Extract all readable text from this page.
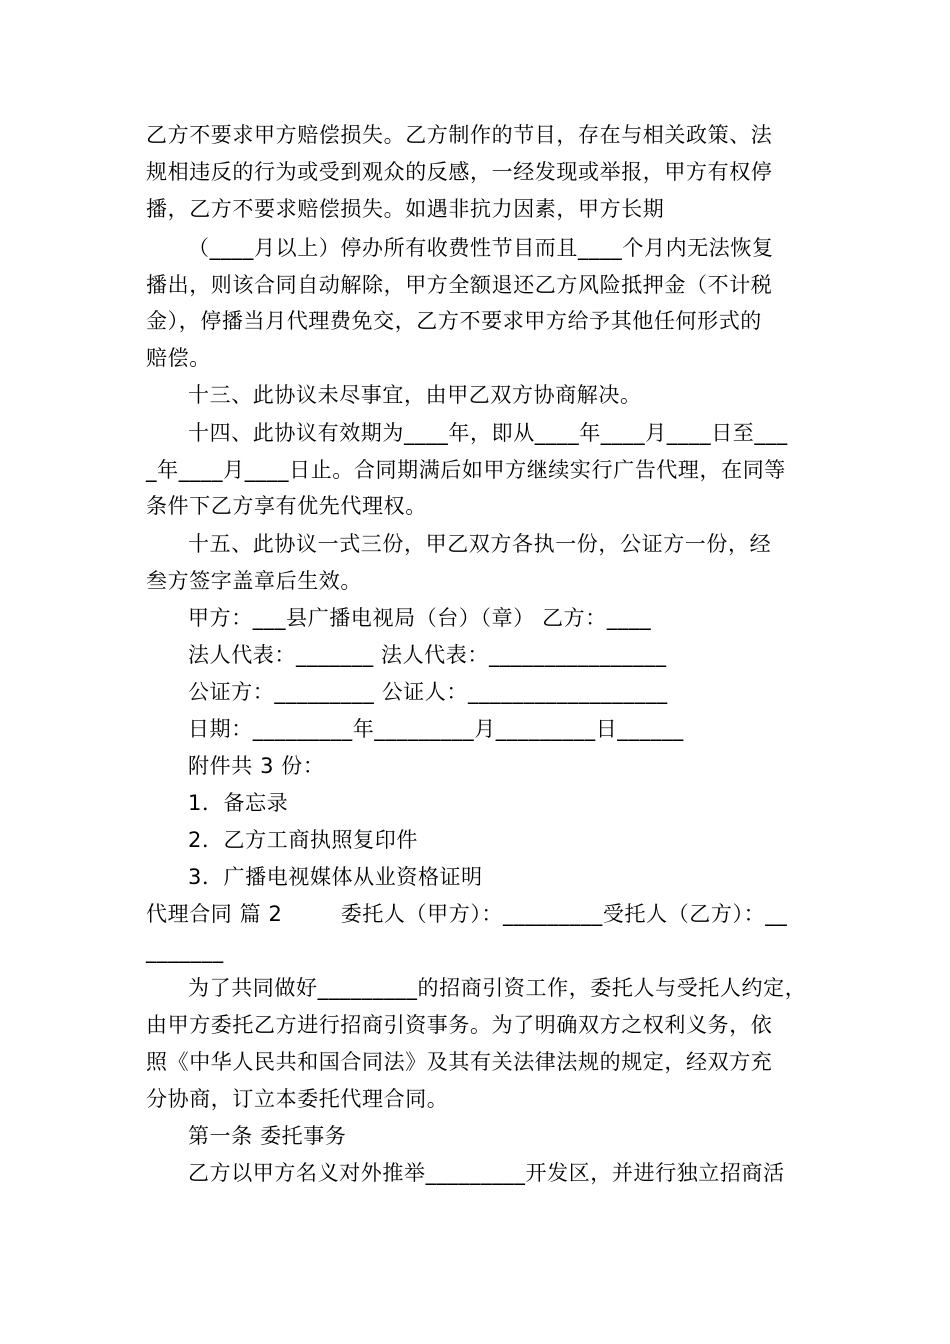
乙方不要求甲方赔偿损失。乙方制作的节目，存在与相关政策、法
规相违反的行为或受到观众的反感，一经发现或举报，甲方有权停
播，乙方不要求赔偿损失。如遇非抗力因素，甲方长期
（____月以上）停办所有收费性节目而且____个月内无法恢复
播出，则该合同自动解除，甲方全额退还乙方风险抵押金（不计税
金），停播当月代理费免交，乙方不要求甲方给予其他任何形式的
赔偿。
十三、此协议未尽事宜，由甲乙双方协商解决。
十四、此协议有效期为____年，即从____年____月____日至___
_年____月____日止。合同期满后如甲方继续实行广告代理，在同等
条件下乙方享有优先代理权。
十五、此协议一式三份，甲乙双方各执一份，公证方一份，经
叁方签字盖章后生效。
甲方：___县广播电视局（台）（章） 乙方：____
法人代表：_______ 法人代表：________________
公证方：_________ 公证人：__________________
日期：_________年_________月_________日______
附件共 3 份：
1．备忘录
2．乙方工商执照复印件
3．广播电视媒体从业资格证明
代理合同 篇 2        委托人（甲方）：_________受托人（乙方）：__
_______
为了共同做好_________的招商引资工作，委托人与受托人约定，
由甲方委托乙方进行招商引资事务。为了明确双方之权利义务，依
照《中华人民共和国合同法》及其有关法律法规的规定，经双方充
分协商，订立本委托代理合同。
第一条 委托事务
乙方以甲方名义对外推举_________开发区，并进行独立招商活
